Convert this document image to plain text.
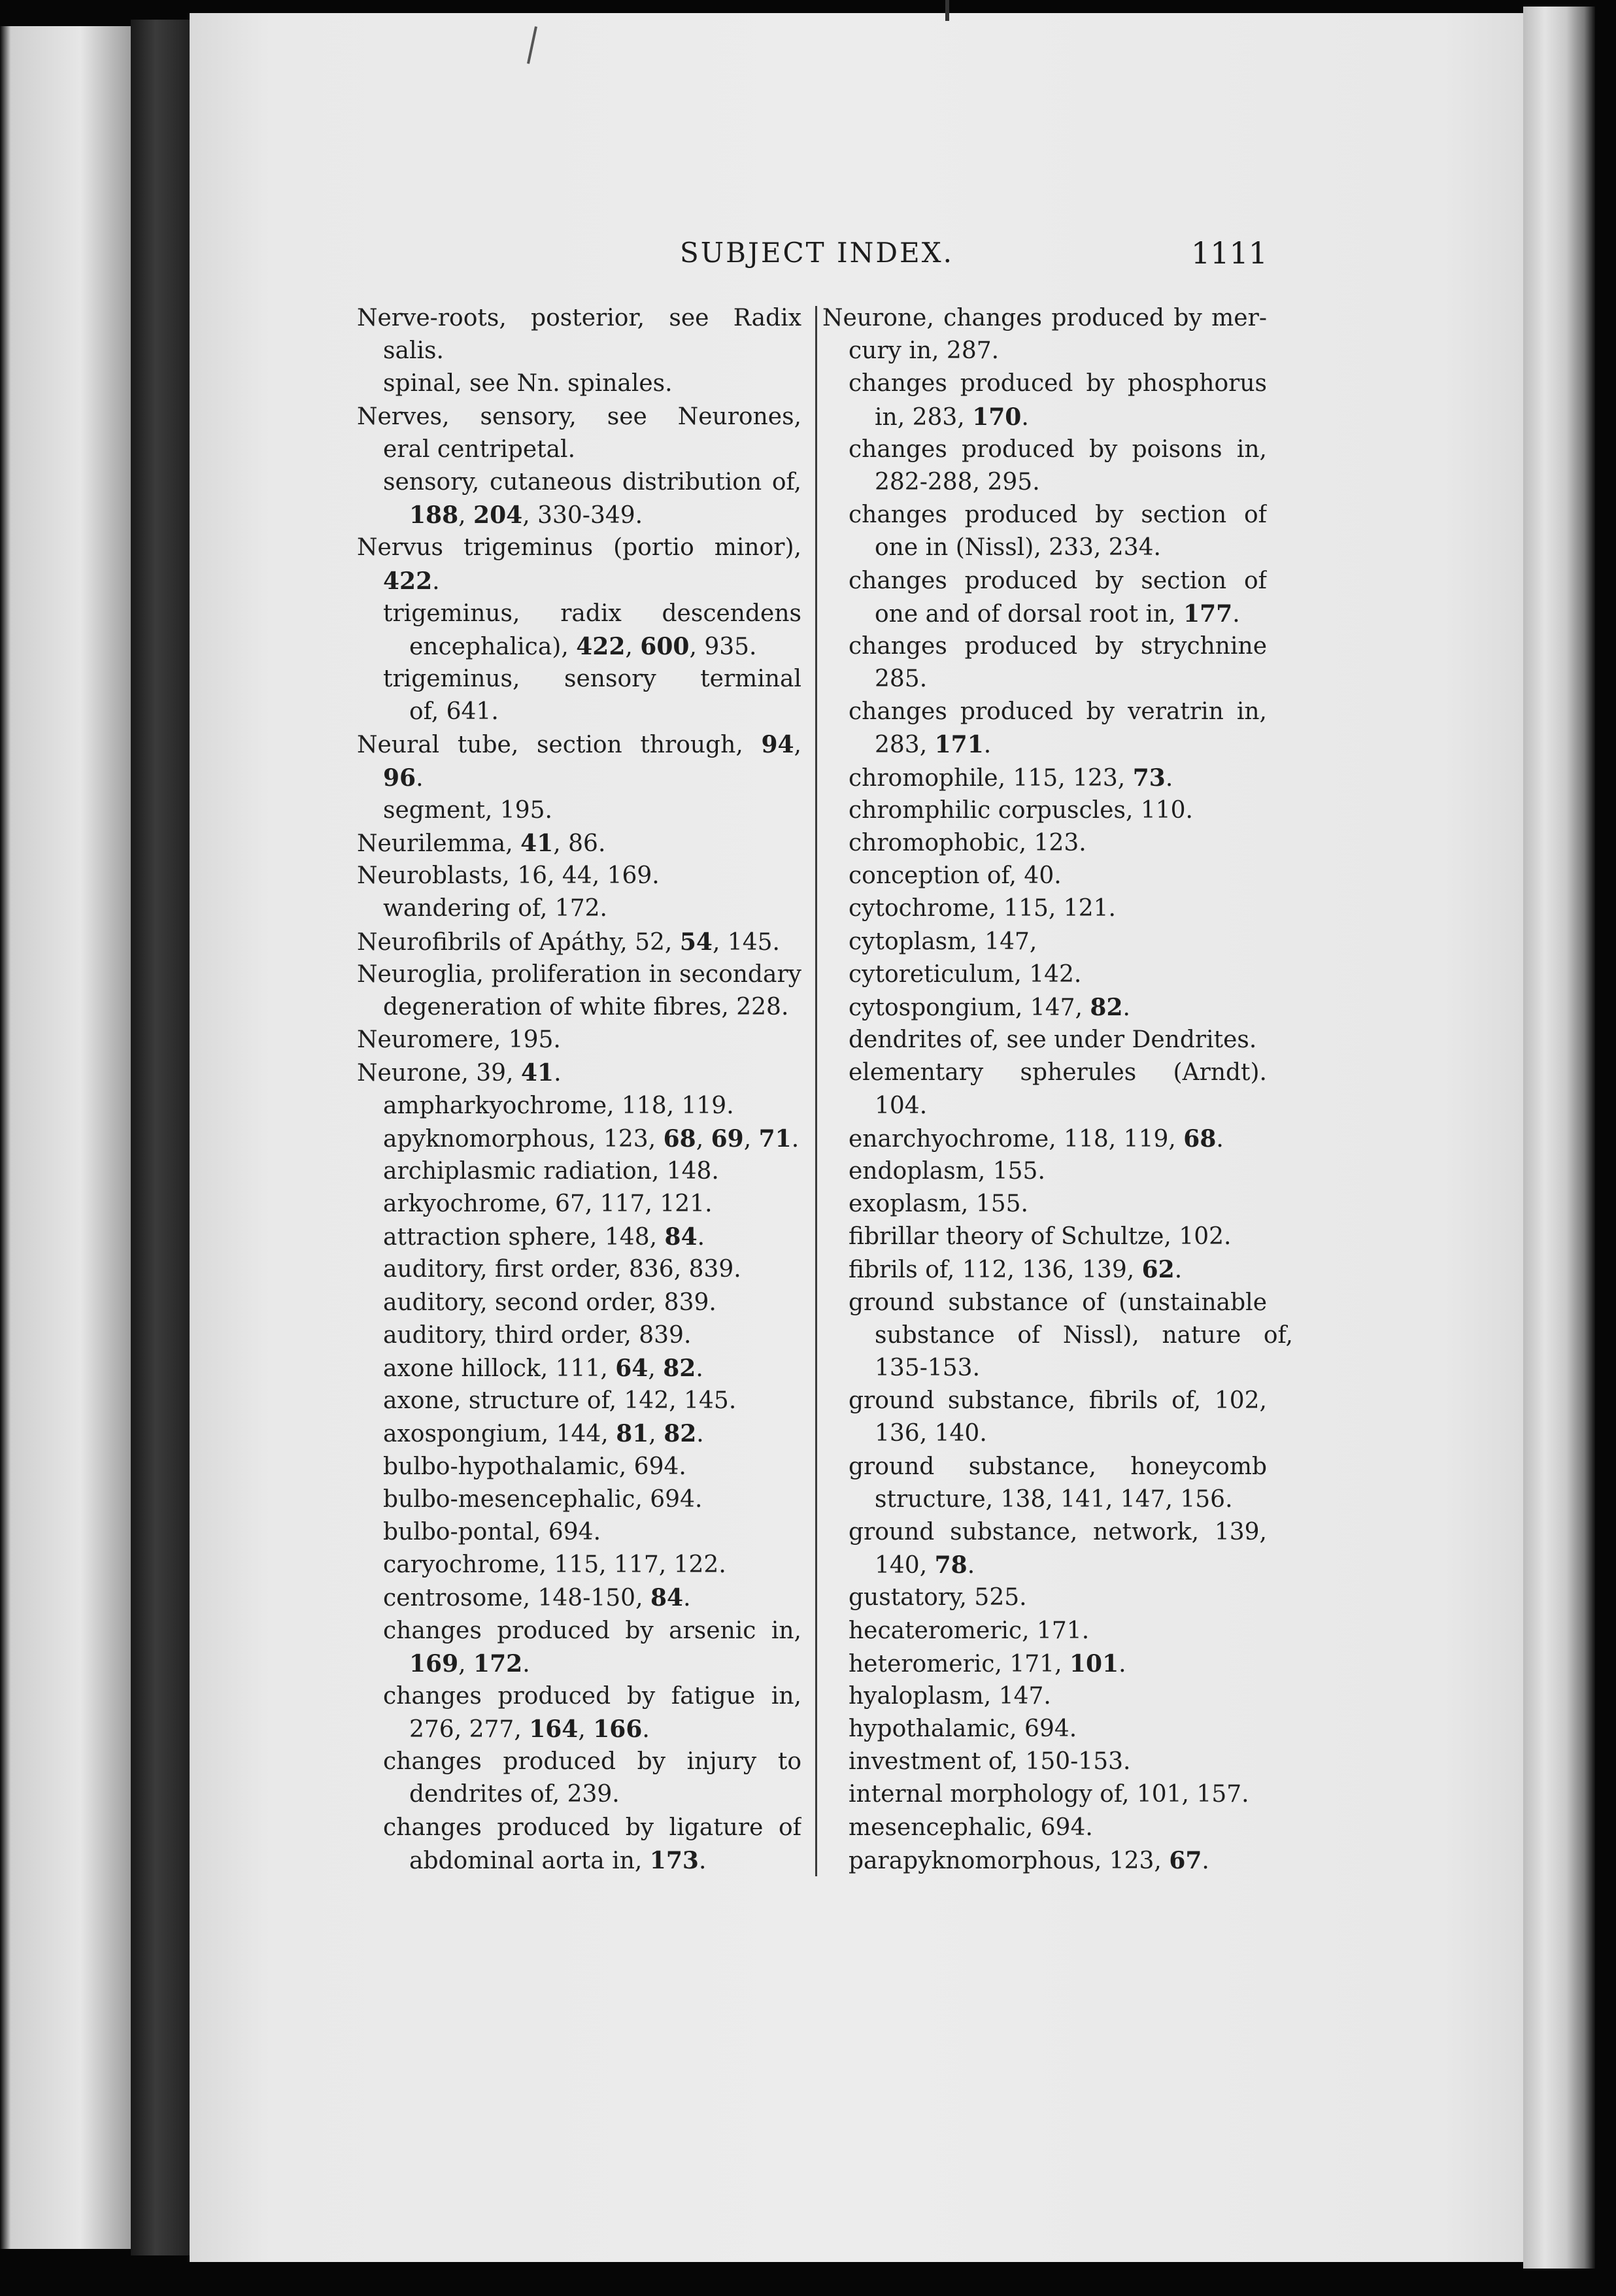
SUBJECT INDEX.	1111
Nerve-roots, posterior, see Radix
salis.
spinal, see Nn. spinales.
Nerves, sensory, see Neurones,
eral centripetal.
sensory, cutaneous distribution of,
188, 204, 330-349.
Nervus trigeminus (portio minor),
422.
trigeminus, radix descendens
encephalica), 422, 600, 935.
trigeminus, sensory terminal
of, 641.
Neural tube, section through, 94,
96.
segment, 195.
Neurilemma, 41, 86.
Neuroblasts, 16, 44, 169.
wandering of, 172.
Neurofibrils of Apáthy, 52, 54, 145.
Neuroglia, proliferation in secondary
degeneration of white fibres, 228.
Neuromere, 195.
Neurone, 39, 41.
ampharkyochrome, 118, 119.
apyknomorphous, 123, 68, 69, 71.
archiplasmic radiation, 148.
arkyochrome, 67, 117, 121.
attraction sphere, 148, 84.
auditory, first order, 836, 839.
auditory, second order, 839.
auditory, third order, 839.
axone hillock, 111, 64, 82.
axone, structure of, 142, 145.
axospongium, 144, 81, 82.
bulbo-hypothalamic, 694.
bulbo-mesencephalic, 694.
bulbo-pontal, 694.
caryochrome, 115, 117, 122.
centrosome, 148-150, 84.
changes produced by arsenic in,
169, 172.
changes produced by fatigue in,
276, 277, 164, 166.
changes produced by injury to
dendrites of, 239.
changes produced by ligature of
abdominal aorta in, 173.
Neurone, changes produced by mer-
cury in, 287.
changes produced by phosphorus
in, 283, 170.
changes produced by poisons in,
282-288, 295.
changes produced by section of
one in (Nissl), 233, 234.
changes produced by section of
one and of dorsal root in, 177.
changes produced by strychnine
285.
changes produced by veratrin in,
283, 171.
chromophile, 115, 123, 73.
chromphilic corpuscles, 110.
chromophobic, 123.
conception of, 40.
cytochrome, 115, 121.
cytoplasm, 147,
cytoreticulum, 142.
cytospongium, 147, 82.
dendrites of, see under Dendrites.
elementary spherules (Arndt).
104.
enarchyochrome, 118, 119, 68.
endoplasm, 155.
exoplasm, 155.
fibrillar theory of Schultze, 102.
fibrils of, 112, 136, 139, 62.
ground substance of (unstainable
substance of Nissl), nature of,
135-153.
ground substance, fibrils of, 102,
136, 140.
ground substance, honeycomb
structure, 138, 141, 147, 156.
ground substance, network, 139,
140, 78.
gustatory, 525.
hecateromeric, 171.
heteromeric, 171, 101.
hyaloplasm, 147.
hypothalamic, 694.
investment of, 150-153.
internal morphology of, 101, 157.
mesencephalic, 694.
parapyknomorphous, 123, 67.
